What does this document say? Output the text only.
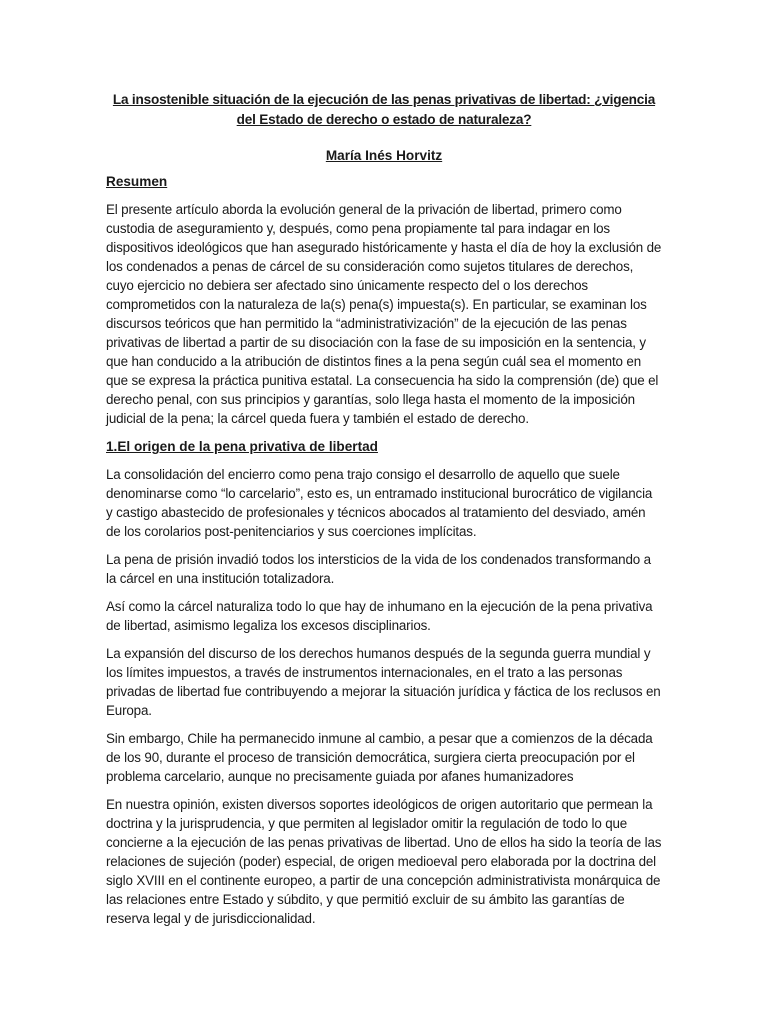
La insostenible situación de la ejecución de las penas privativas de libertad: ¿vigencia del Estado de derecho o estado de naturaleza?

María Inés Horvitz

Resumen

El presente artículo aborda la evolución general de la privación de libertad, primero como custodia de aseguramiento y, después, como pena propiamente tal para indagar en los dispositivos ideológicos que han asegurado históricamente y hasta el día de hoy la exclusión de los condenados a penas de cárcel de su consideración como sujetos titulares de derechos, cuyo ejercicio no debiera ser afectado sino únicamente respecto del o los derechos comprometidos con la naturaleza de la(s) pena(s) impuesta(s). En particular, se examinan los discursos teóricos que han permitido la “administrativización” de la ejecución de las penas privativas de libertad a partir de su disociación con la fase de su imposición en la sentencia, y que han conducido a la atribución de distintos fines a la pena según cuál sea el momento en que se expresa la práctica punitiva estatal. La consecuencia ha sido la comprensión (de) que el derecho penal, con sus principios y garantías, solo llega hasta el momento de la imposición judicial de la pena; la cárcel queda fuera y también el estado de derecho.

1.El origen de la pena privativa de libertad

La consolidación del encierro como pena trajo consigo el desarrollo de aquello que suele denominarse como “lo carcelario”, esto es, un entramado institucional burocrático de vigilancia y castigo abastecido de profesionales y técnicos abocados al tratamiento del desviado, amén de los corolarios post-penitenciarios y sus coerciones implícitas.

La pena de prisión invadió todos los intersticios de la vida de los condenados transformando a la cárcel en una institución totalizadora.

Así como la cárcel naturaliza todo lo que hay de inhumano en la ejecución de la pena privativa de libertad, asimismo legaliza los excesos disciplinarios.

La expansión del discurso de los derechos humanos después de la segunda guerra mundial y los límites impuestos, a través de instrumentos internacionales, en el trato a las personas privadas de libertad fue contribuyendo a mejorar la situación jurídica y fáctica de los reclusos en Europa.

Sin embargo, Chile ha permanecido inmune al cambio, a pesar que a comienzos de la década de los 90, durante el proceso de transición democrática, surgiera cierta preocupación por el problema carcelario, aunque no precisamente guiada por afanes humanizadores

En nuestra opinión, existen diversos soportes ideológicos de origen autoritario que permean la doctrina y la jurisprudencia, y que permiten al legislador omitir la regulación de todo lo que concierne a la ejecución de las penas privativas de libertad. Uno de ellos ha sido la teoría de las relaciones de sujeción (poder) especial, de origen medioeval pero elaborada por la doctrina del siglo XVIII en el continente europeo, a partir de una concepción administrativista monárquica de las relaciones entre Estado y súbdito, y que permitió excluir de su ámbito las garantías de reserva legal y de jurisdiccionalidad.
